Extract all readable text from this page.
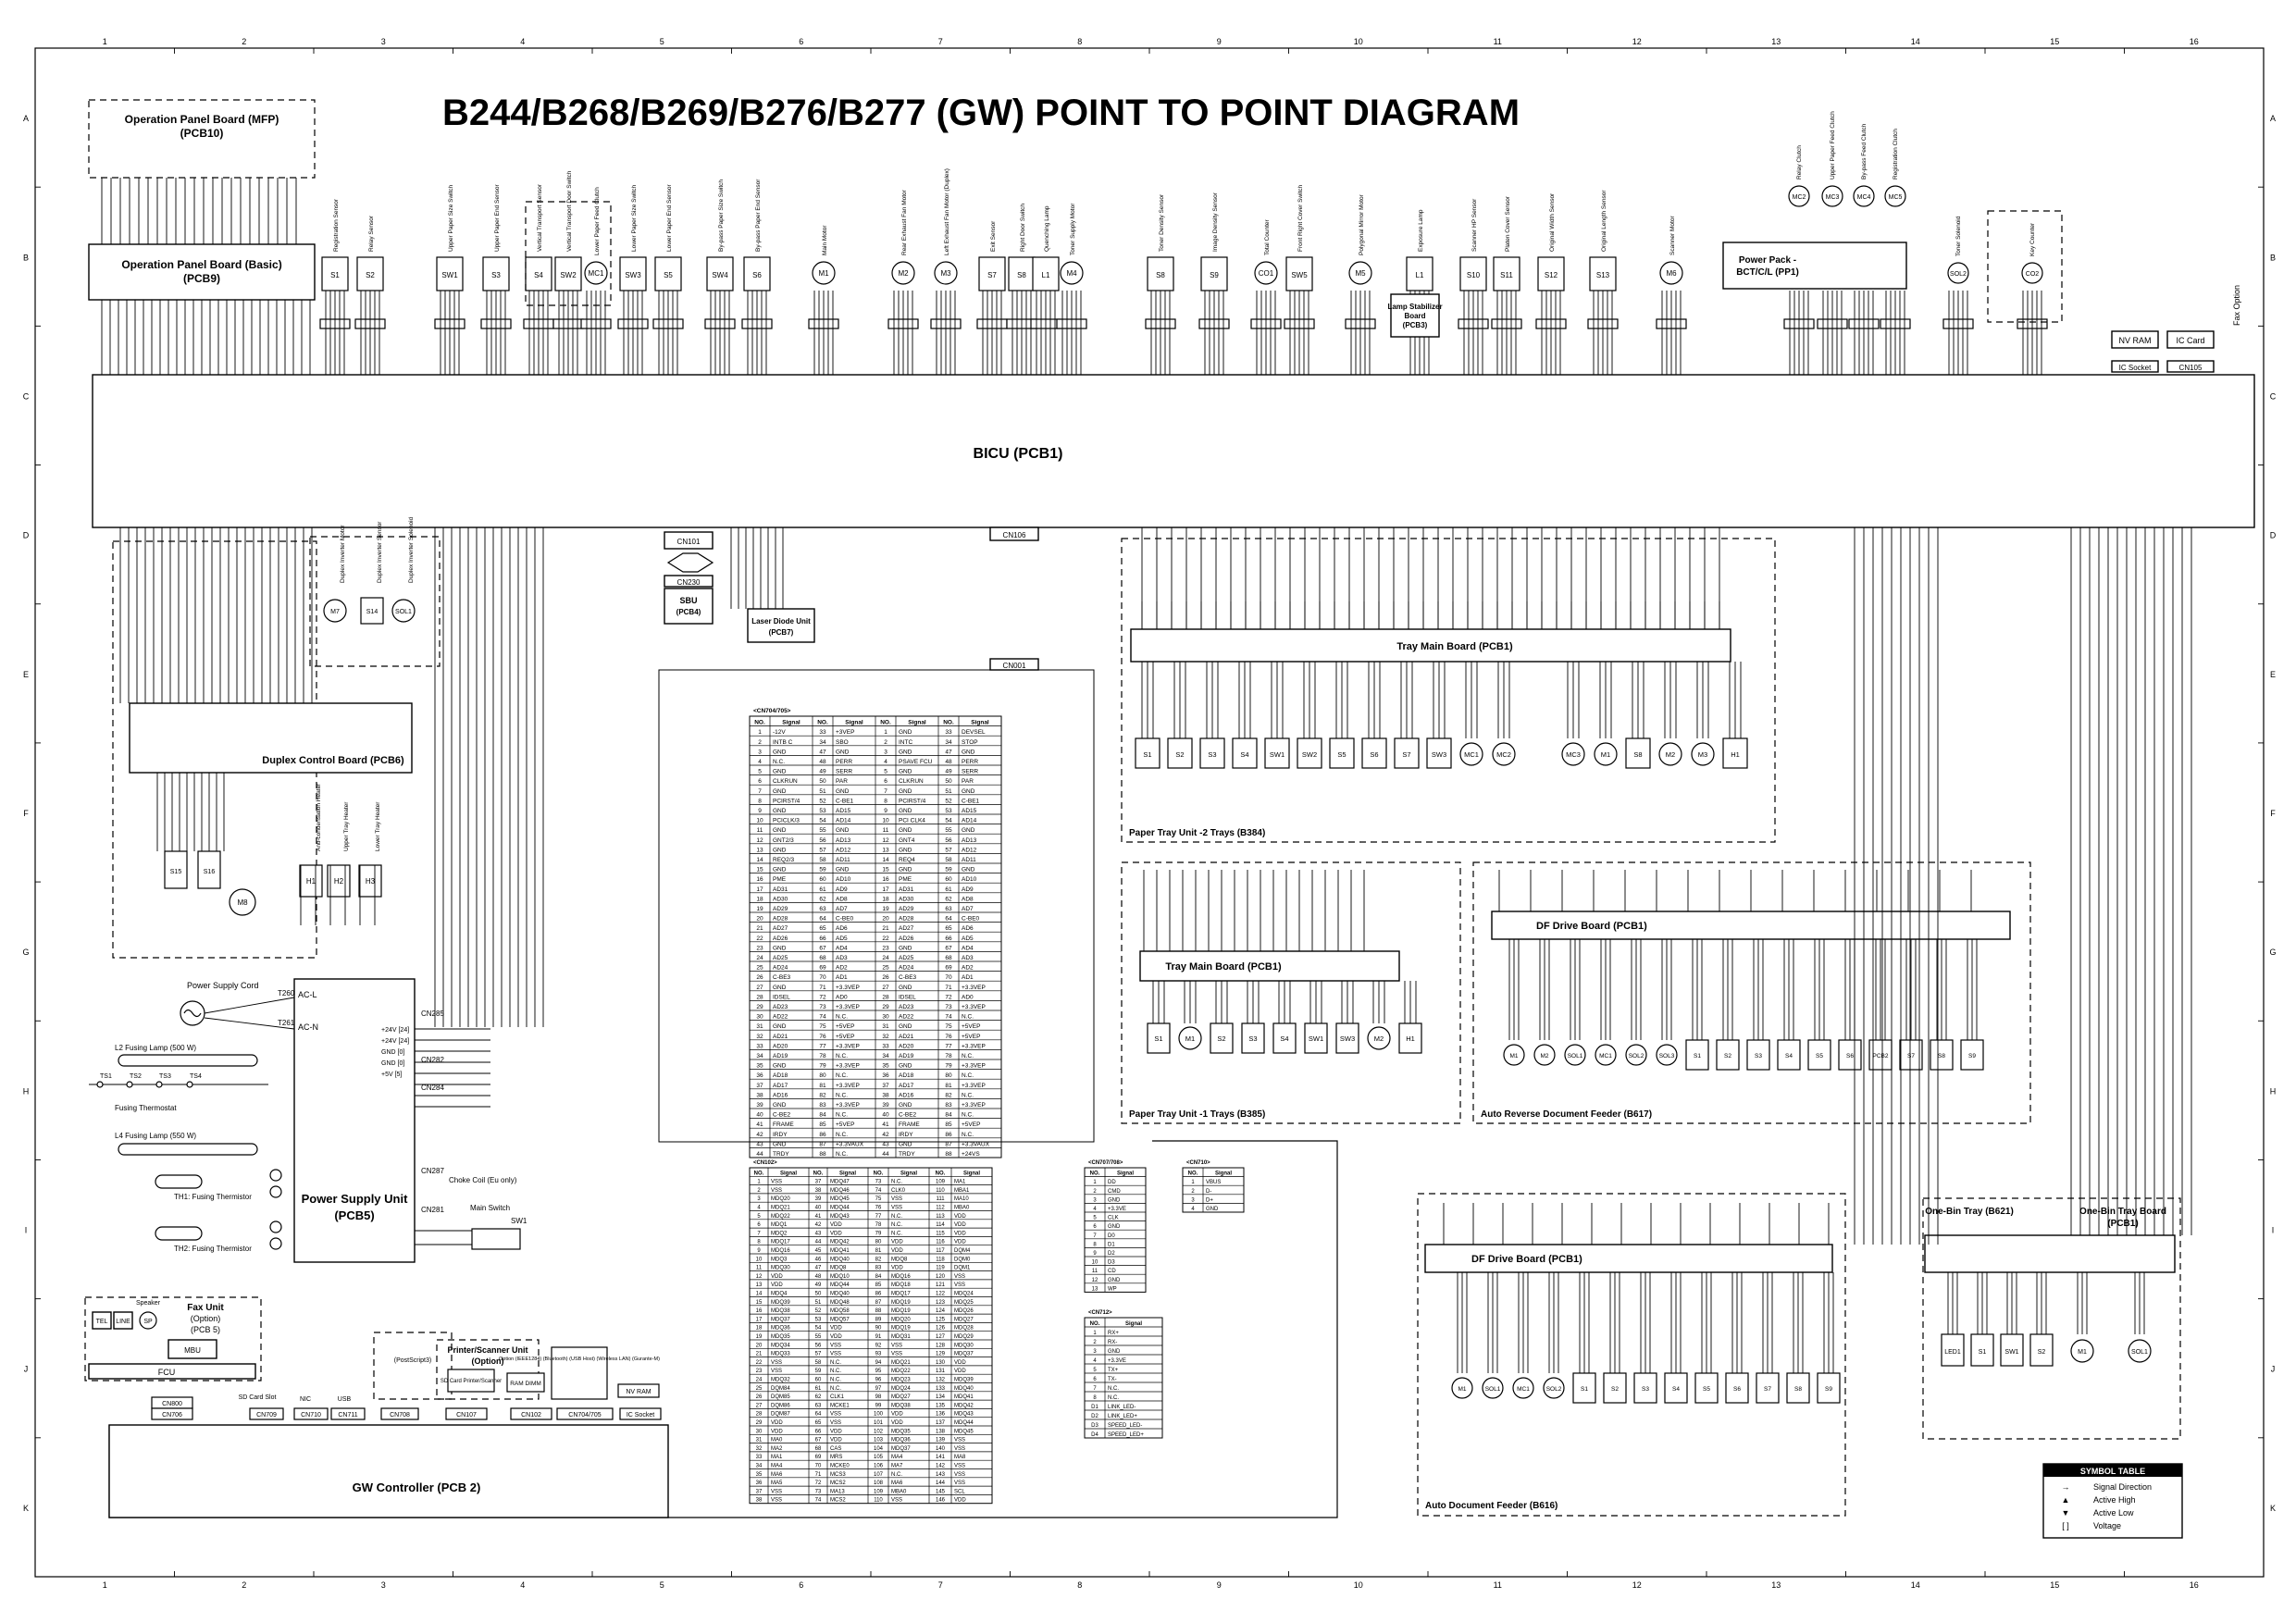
1
1
2
2
3
3
4
4
5
5
6
6
7
7
8
8
9
9
10
10
11
11
12
12
13
13
14
14
15
15
16
16
A	A
B	B
C	C
D	D
E	E
F	F
G	G
H	H
I	I
J	J
K	K
B244/B268/B269/B276/B277 (GW) POINT TO POINT DIAGRAM
Operation Panel Board (MFP)
(PCB10)
Operation Panel Board (Basic)
(PCB9)
BICU (PCB1)
S1
Registration Sensor
S2
Relay Sensor
SW1
Upper Paper Size Switch
S3
Upper Paper End Sensor
S4
Vertical Transport Sensor
SW2
Vertical Transport Door Switch
MC1
Lower Paper Feed Clutch
SW3
Lower Paper Size Switch
S5
Lower Paper End Sensor
SW4
By-pass Paper Size Switch
S6
By-pass Paper End Sensor
M1
Main Motor
M2
Rear Exhaust Fan Motor
M3
Left Exhaust Fan Motor (Duplex)
S7
Exit Sensor
S8
Right Door Switch
L1
Quenching Lamp
M4
Toner Supply Motor
S8
Toner Density Sensor
S9
Image Density Sensor
CO1
Total Counter
SW5
Front Right Cover Switch
M5
Polygonal Mirror Motor
L1
Exposure Lamp
S10
Scanner HP Sensor
S11
Platen Cover Sensor
S12
Original Width Sensor
S13
Original Length Sensor
M6
Scanner Motor
MC2
Relay Clutch
MC3
Upper Paper Feed Clutch
MC4
By-pass Feed Clutch
MC5
Registration Clutch
SOL2
Toner Solenoid
CO2
Key Counter
Power Pack -
BCT/C/L (PP1)
Lamp Stabilizer
Board
(PCB3)
NV RAM
IC Socket
IC Card
CN105
Fax Option
Duplex Control Board (PCB6)
M7	S14	SOL1
Duplex Inverter Motor	Duplex Inverter Sensor	Duplex Inverter Solenoid
S15	S16
M8
H1 H2	H3
Anti-condensation Heater	Upper Tray Heater	Lower Tray Heater
CN101
CN230
SBU
(PCB4)
Laser Diode Unit
(PCB7)
CN106
CN001
Power Supply Unit
(PCB5)
AC-L
AC-N
Power Supply Cord
T260
T261
L2 Fusing Lamp (500 W)
L4 Fusing Lamp (550 W)
Fusing Thermostat
TH1: Fusing Thermistor
TH2: Fusing Thermistor
TS1	TS2	TS3	TS4
Choke Coil (Eu only)
Main Switch
SW1
CN285
CN282
CN284
CN287
CN281
+24V [24]
+24V [24]
GND [0]
GND [0]
+5V [5]
Fax Unit
(Option)
(PCB 5)
TEL LINE
Speaker
SP
MBU
FCU
GW Controller (PCB 2)
CN800
CN706	CN709	CN710	CN711	CN708	CN107	CN102	CN704/705	IC Socket
Printer/Scanner Unit
(Option)
(PostScript3)
SD Card Printer/Scanner RAM DIMM
Option (IEEE1284) (Bluetooth) (USB Host) (Wireless LAN) (Gurante-M)
NV RAM
SD Card Slot	NIC	USB
<CN704/705>
NO.	Signal	NO.	Signal	NO.	Signal	NO.	Signal
1 -12V	33 +3VEP	1 GND	33 DEVSEL
2 INTB C	34 SBO	2 INTC	34 STOP
3 GND	47 GND	3 GND	47 GND
4 N.C.	48 PERR	4 PSAVE FCU 48 PERR
5 GND	49 SERR	5 GND	49 SERR
6 CLKRUN	50 PAR	6 CLKRUN	50 PAR
7 GND	51 GND	7 GND	51 GND
8 PCIRST/4	52 C-BE1	8 PCIRST/4	52 C-BE1
9 GND	53 AD15	9 GND	53 AD15
10 PCICLK/3	54 AD14	10 PCI CLK4	54 AD14
11 GND	55 GND	11 GND	55 GND
12 GNT2/3	56 AD13	12 GNT4	56 AD13
13 GND	57 AD12	13 GND	57 AD12
14 REQ2/3	58 AD11	14 REQ4	58 AD11
15 GND	59 GND	15 GND	59 GND
16 PME	60 AD10	16 PME	60 AD10
17 AD31	61 AD9	17 AD31	61 AD9
18 AD30	62 AD8	18 AD30	62 AD8
19 AD29	63 AD7	19 AD29	63 AD7
20 AD28	64 C-BE0	20 AD28	64 C-BE0
21 AD27	65 AD6	21 AD27	65 AD6
22 AD26	66 AD5	22 AD26	66 AD5
23 GND	67 AD4	23 GND	67 AD4
24 AD25	68 AD3	24 AD25	68 AD3
25 AD24	69 AD2	25 AD24	69 AD2
26 C-BE3	70 AD1	26 C-BE3	70 AD1
27 GND	71 +3.3VEP	27 GND	71 +3.3VEP
28 IDSEL	72 AD0	28 IDSEL	72 AD0
29 AD23	73 +3.3VEP	29 AD23	73 +3.3VEP
30 AD22	74 N.C.	30 AD22	74 N.C.
31 GND	75 +5VEP	31 GND	75 +5VEP
32 AD21	76 +5VEP	32 AD21	76 +5VEP
33 AD20	77 +3.3VEP	33 AD20	77 +3.3VEP
34 AD19	78 N.C.	34 AD19	78 N.C.
35 GND	79 +3.3VEP	35 GND	79 +3.3VEP
36 AD18	80 N.C.	36 AD18	80 N.C.
37 AD17	81 +3.3VEP	37 AD17	81 +3.3VEP
38 AD16	82 N.C.	38 AD16	82 N.C.
39 GND	83 +3.3VEP	39 GND	83 +3.3VEP
40 C-BE2	84 N.C.	40 C-BE2	84 N.C.
41 FRAME	85 +5VEP	41 FRAME	85 +5VEP
42 IRDY	86 N.C.	42 IRDY	86 N.C.
43 GND	87 +3.3VAUX	43 GND	87 +3.3VAUX
44 TRDY	88 N.C.	44 TRDY	88 +24VS
<CN102>
NO.	Signal	NO.	Signal	NO.	Signal	NO.	Signal
1 VSS	37 MDQ47	73 N.C.	109 MA1
2 VSS	38 MDQ46	74 CLK0	110 MBA1
3 MDQ20	39 MDQ45	75 VSS	111 MA10
4 MDQ21	40 MDQ44	76 VSS	112 MBA0
5 MDQ22	41 MDQ43	77 N.C.	113 VDD
6 MDQ1	42 VDD	78 N.C.	114 VDD
7 MDQ2	43 VDD	79 N.C.	115 VDD
8 MDQ17	44 MDQ42	80 VDD	116 VDD
9 MDQ16	45 MDQ41	81 VDD	117 DQM4
10 MDQ3	46 MDQ40	82 MDQ8	118 DQM0
11 MDQ30	47 MDQ8	83 VDD	119 DQM1
12 VDD	48 MDQ10	84 MDQ16	120 VSS
13 VDD	49 MDQ44	85 MDQ18	121 VSS
14 MDQ4	50 MDQ40	86 MDQ17	122 MDQ24
15 MDQ39	51 MDQ48	87 MDQ19	123 MDQ25
16 MDQ38	52 MDQ58	88 MDQ19	124 MDQ26
17 MDQ37	53 MDQ57	89 MDQ20	125 MDQ27
18 MDQ36	54 VDD	90 MDQ19	126 MDQ28
19 MDQ35	55 VDD	91 MDQ31	127 MDQ29
20 MDQ34	56 VSS	92 VSS	128 MDQ30
21 MDQ33	57 VSS	93 VSS	129 MDQ37
22 VSS	58 N.C.	94 MDQ21	130 VDD
23 VSS	59 N.C.	95 MDQ22	131 VDD
24 MDQ32	60 N.C.	96 MDQ23	132 MDQ39
25 DQM84	61 N.C.	97 MDQ24	133 MDQ40
26 DQM85	62 CLK1	98 MDQ27	134 MDQ41
27 DQM86	63 MCKE1	99 MDQ38	135 MDQ42
28 DQM87	64 VSS	100 VDD	136 MDQ43
29 VDD	65 VSS	101 VDD	137 MDQ44
30 VDD	66 VDD	102 MDQ35	138 MDQ45
31 MA0	67 VDD	103 MDQ36	139 VSS
32 MA2	68 CAS	104 MDQ37	140 VSS
33 MA1	69 MRS	105 MA4	141 MA8
34 MA4	70 MCKE0	106 MA7	142 VSS
35 MA6	71 MCS3	107 N.C.	143 VSS
36 MA5	72 MCS2	108 MA6	144 VSS
37 VSS	73 MA13	109 MBA0	145 SCL
38 VSS	74 MCS2	110 VSS	146 VDD
<CN707/708>
NO.	Signal
1 DD
2 CMD
3 GND
4 +3.3VE
5 CLK
6 GND
7 D0
8 D1
9 D2
10 D3
11 CD
12 GND
13 WP
<CN710>
NO.	Signal
1 VBUS
2 D-
3 D+
4 GND
<CN712>
NO.	Signal
1 RX+
2 RX-
3 GND
4 +3.3VE
5 TX+
6 TX-
7 N.C.
8 N.C.
D1 LINK_LED-
D2 LINK_LED+
D3 SPEED_LED-
D4 SPEED_LED+
Tray Main Board (PCB1)
Paper Tray Unit -2 Trays (B384)
S1	S2	S3	S4	SW1 SW2	S5	S6	S7	SW3	MC1	MC2	MC3	M1	S8	M2	M3	H1
Tray Main Board (PCB1)
Paper Tray Unit -1 Trays (B385)
S1	M1	S2	S3	S4	SW1 SW3	M2	H1
DF Drive Board (PCB1)
Auto Reverse Document Feeder (B617)
M1	M2	SOL1	MC1	SOL2	SOL3	S1	S2	S3	S4	S5	S6	PCB2	S7	S8	S9
DF Drive Board (PCB1)
Auto Document Feeder (B616)
M1	SOL1	MC1	SOL2	S1	S2	S3	S4	S5	S6	S7	S8	S9
One-Bin Tray (B621)	One-Bin Tray Board
(PCB1)
LED1	S1	SW1	S2	M1	SOL1
SYMBOL TABLE
→	Signal Direction
▲	Active High
▼	Active Low
[ ]	Voltage
